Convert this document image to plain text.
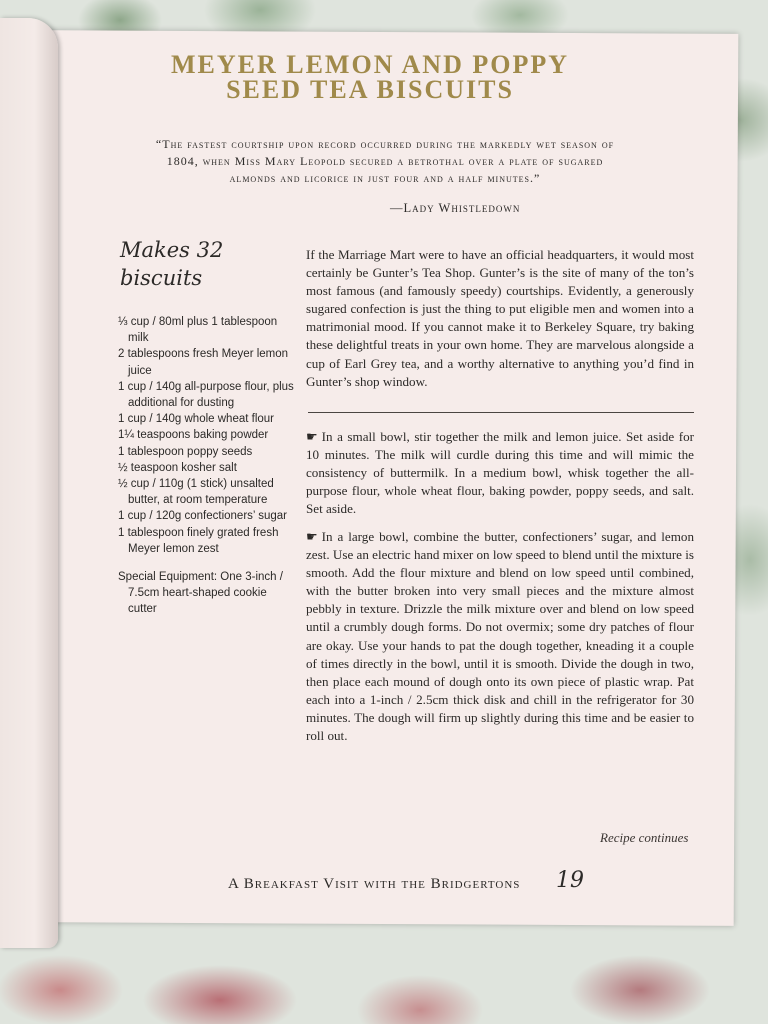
MEYER LEMON AND POPPY
SEED TEA BISCUITS
“The fastest courtship upon record occurred during the markedly wet season of 1804, when Miss Mary Leopold secured a betrothal over a plate of sugared almonds and licorice in just four and a half minutes.”
—Lady Whistledown
Makes 32
biscuits

⅓ cup / 80ml plus 1 tablespoon milk

2 tablespoons fresh Meyer lemon juice

1 cup / 140g all-purpose flour, plus additional for dusting

1 cup / 140g whole wheat flour

1¼ teaspoons baking powder

1 tablespoon poppy seeds

½ teaspoon kosher salt

½ cup / 110g (1 stick) unsalted butter, at room temperature

1 cup / 120g confectioners’ sugar

1 tablespoon finely grated fresh Meyer lemon zest

Special Equipment: One 3-inch / 7.5cm heart-shaped cookie cutter

If the Marriage Mart were to have an official headquarters, it would most certainly be Gunter’s Tea Shop. Gunter’s is the site of many of the ton’s most famous (and famously speedy) courtships. Evidently, a generously sugared confection is just the thing to put eligible men and women into a matrimonial mood. If you cannot make it to Berkeley Square, try baking these delightful treats in your own home. They are marvelous alongside a cup of Earl Grey tea, and a worthy alternative to anything you’d find in Gunter’s shop window.
☛ In a small bowl, stir together the milk and lemon juice. Set aside for 10 minutes. The milk will curdle during this time and will mimic the consistency of buttermilk. In a medium bowl, whisk together the all-purpose flour, whole wheat flour, baking powder, poppy seeds, and salt. Set aside.
☛ In a large bowl, combine the butter, confectioners’ sugar, and lemon zest. Use an electric hand mixer on low speed to blend until the mixture is smooth. Add the flour mixture and blend on low speed until combined, with the butter broken into very small pieces and the mixture almost pebbly in texture. Drizzle the milk mixture over and blend on low speed until a crumbly dough forms. Do not overmix; some dry patches of flour are okay. Use your hands to pat the dough together, kneading it a couple of times directly in the bowl, until it is smooth. Divide the dough in two, then place each mound of dough onto its own piece of plastic wrap. Pat each into a 1-inch / 2.5cm thick disk and chill in the refrigerator for 30 minutes. The dough will firm up slightly during this time and be easier to roll out.
Recipe continues
A Breakfast Visit with the Bridgertons 19
